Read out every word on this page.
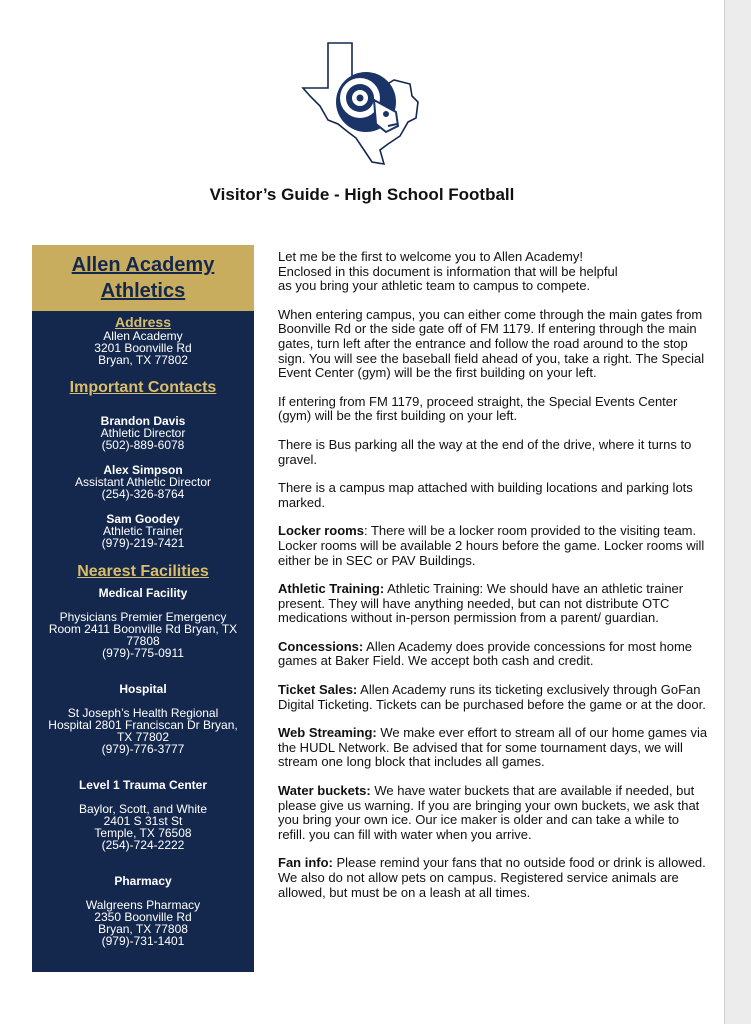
Visitor’s Guide - High School Football
Allen Academy
Athletics
Address
Allen Academy
3201 Boonville Rd
Bryan, TX 77802
Important Contacts
Brandon Davis
Athletic Director
(502)-889-6078
Alex Simpson
Assistant Athletic Director
(254)-326-8764
Sam Goodey
Athletic Trainer
(979)-219-7421
Nearest Facilities
Medical Facility
Physicians Premier Emergency
Room 2411 Boonville Rd Bryan, TX
77808
(979)-775-0911
Hospital
St Joseph’s Health Regional
Hospital 2801 Franciscan Dr Bryan,
TX 77802
(979)-776-3777
Level 1 Trauma Center
Baylor, Scott, and White
2401 S 31st St
Temple, TX 76508
(254)-724-2222
Pharmacy
Walgreens Pharmacy
2350 Boonville Rd
Bryan, TX 77808
(979)-731-1401

Let me be the first to welcome you to Allen Academy!
Enclosed in this document is information that will be helpful
as you bring your athletic team to campus to compete.

When entering campus, you can either come through the main gates from Boonville Rd or the side gate off of FM 1179. If entering through the main gates, turn left after the entrance and follow the road around to the stop sign. You will see the baseball field ahead of you, take a right. The Special Event Center (gym) will be the first building on your left.

If entering from FM 1179, proceed straight, the Special Events Center (gym) will be the first building on your left.

There is Bus parking all the way at the end of the drive, where it turns to gravel.

There is a campus map attached with building locations and parking lots marked.

Locker rooms: There will be a locker room provided to the visiting team. Locker rooms will be available 2 hours before the game. Locker rooms will either be in SEC or PAV Buildings.

Athletic Training: Athletic Training: We should have an athletic trainer present. They will have anything needed, but can not distribute OTC medications without in-person permission from a parent/ guardian.

Concessions: Allen Academy does provide concessions for most home games at Baker Field. We accept both cash and credit.

Ticket Sales: Allen Academy runs its ticketing exclusively through GoFan Digital Ticketing. Tickets can be purchased before the game or at the door.

Web Streaming: We make ever effort to stream all of our home games via the HUDL Network. Be advised that for some tournament days, we will stream one long block that includes all games.

Water buckets: We have water buckets that are available if needed, but please give us warning. If you are bringing your own buckets, we ask that you bring your own ice. Our ice maker is older and can take a while to refill. you can fill with water when you arrive.

Fan info: Please remind your fans that no outside food or drink is allowed. We also do not allow pets on campus. Registered service animals are allowed, but must be on a leash at all times.
